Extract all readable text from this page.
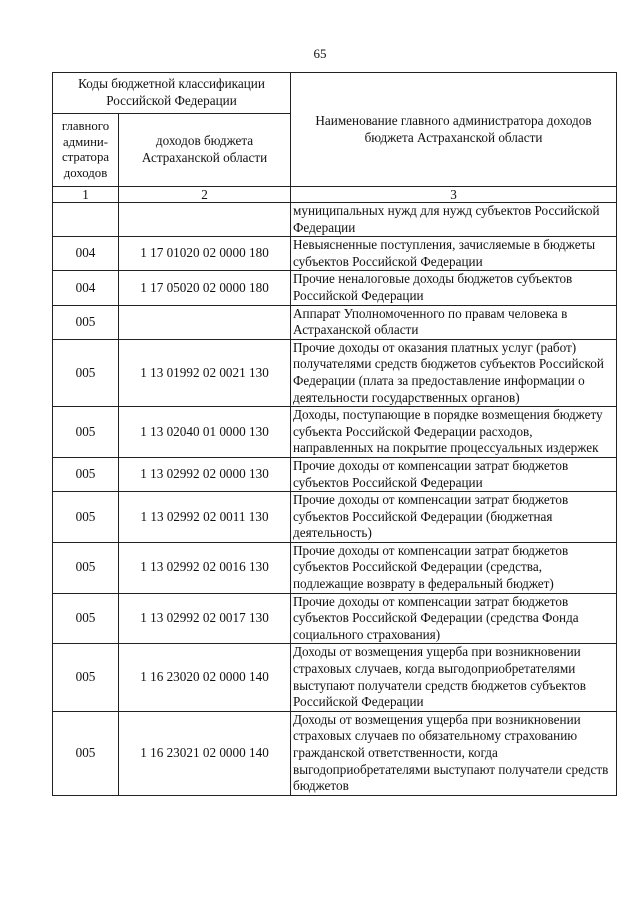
65
Коды бюджетной классификации Российской Федерации		Наименование главного администратора доходов бюджета Астраханской области
главного админи- стратора доходов	доходов бюджета Астраханской области	
1	2	3
		муниципальных нужд для нужд субъектов Российской Федерации
004	1 17 01020 02 0000 180	Невыясненные поступления, зачисляемые в бюджеты субъектов Российской Федерации
004	1 17 05020 02 0000 180	Прочие неналоговые доходы бюджетов субъектов Российской Федерации
005		Аппарат Уполномоченного по правам человека в Астраханской области
005	1 13 01992 02 0021 130	Прочие доходы от оказания платных услуг (работ) получателями средств бюджетов субъектов Российской Федерации (плата за предоставление информации о деятельности государственных органов)
005	1 13 02040 01 0000 130	Доходы, поступающие в порядке возмещения бюджету субъекта Российской Федерации расходов, направленных на покрытие процессуальных издержек
005	1 13 02992 02 0000 130	Прочие доходы от компенсации затрат бюджетов субъектов Российской Федерации
005	1 13 02992 02 0011 130	Прочие доходы от компенсации затрат бюджетов субъектов Российской Федерации (бюджетная деятельность)
005	1 13 02992 02 0016 130	Прочие доходы от компенсации затрат бюджетов субъектов Российской Федерации (средства, подлежащие возврату в федеральный бюджет)
005	1 13 02992 02 0017 130	Прочие доходы от компенсации затрат бюджетов субъектов Российской Федерации (средства Фонда социального страхования)
005	1 16 23020 02 0000 140	Доходы от возмещения ущерба при возникновении страховых случаев, когда выгодоприобретателями выступают получатели средств бюджетов субъектов Российской Федерации
005	1 16 23021 02 0000 140	Доходы от возмещения ущерба при возникновении страховых случаев по обязательному страхованию гражданской ответственности, когда выгодоприобретателями выступают получатели средств бюджетов
